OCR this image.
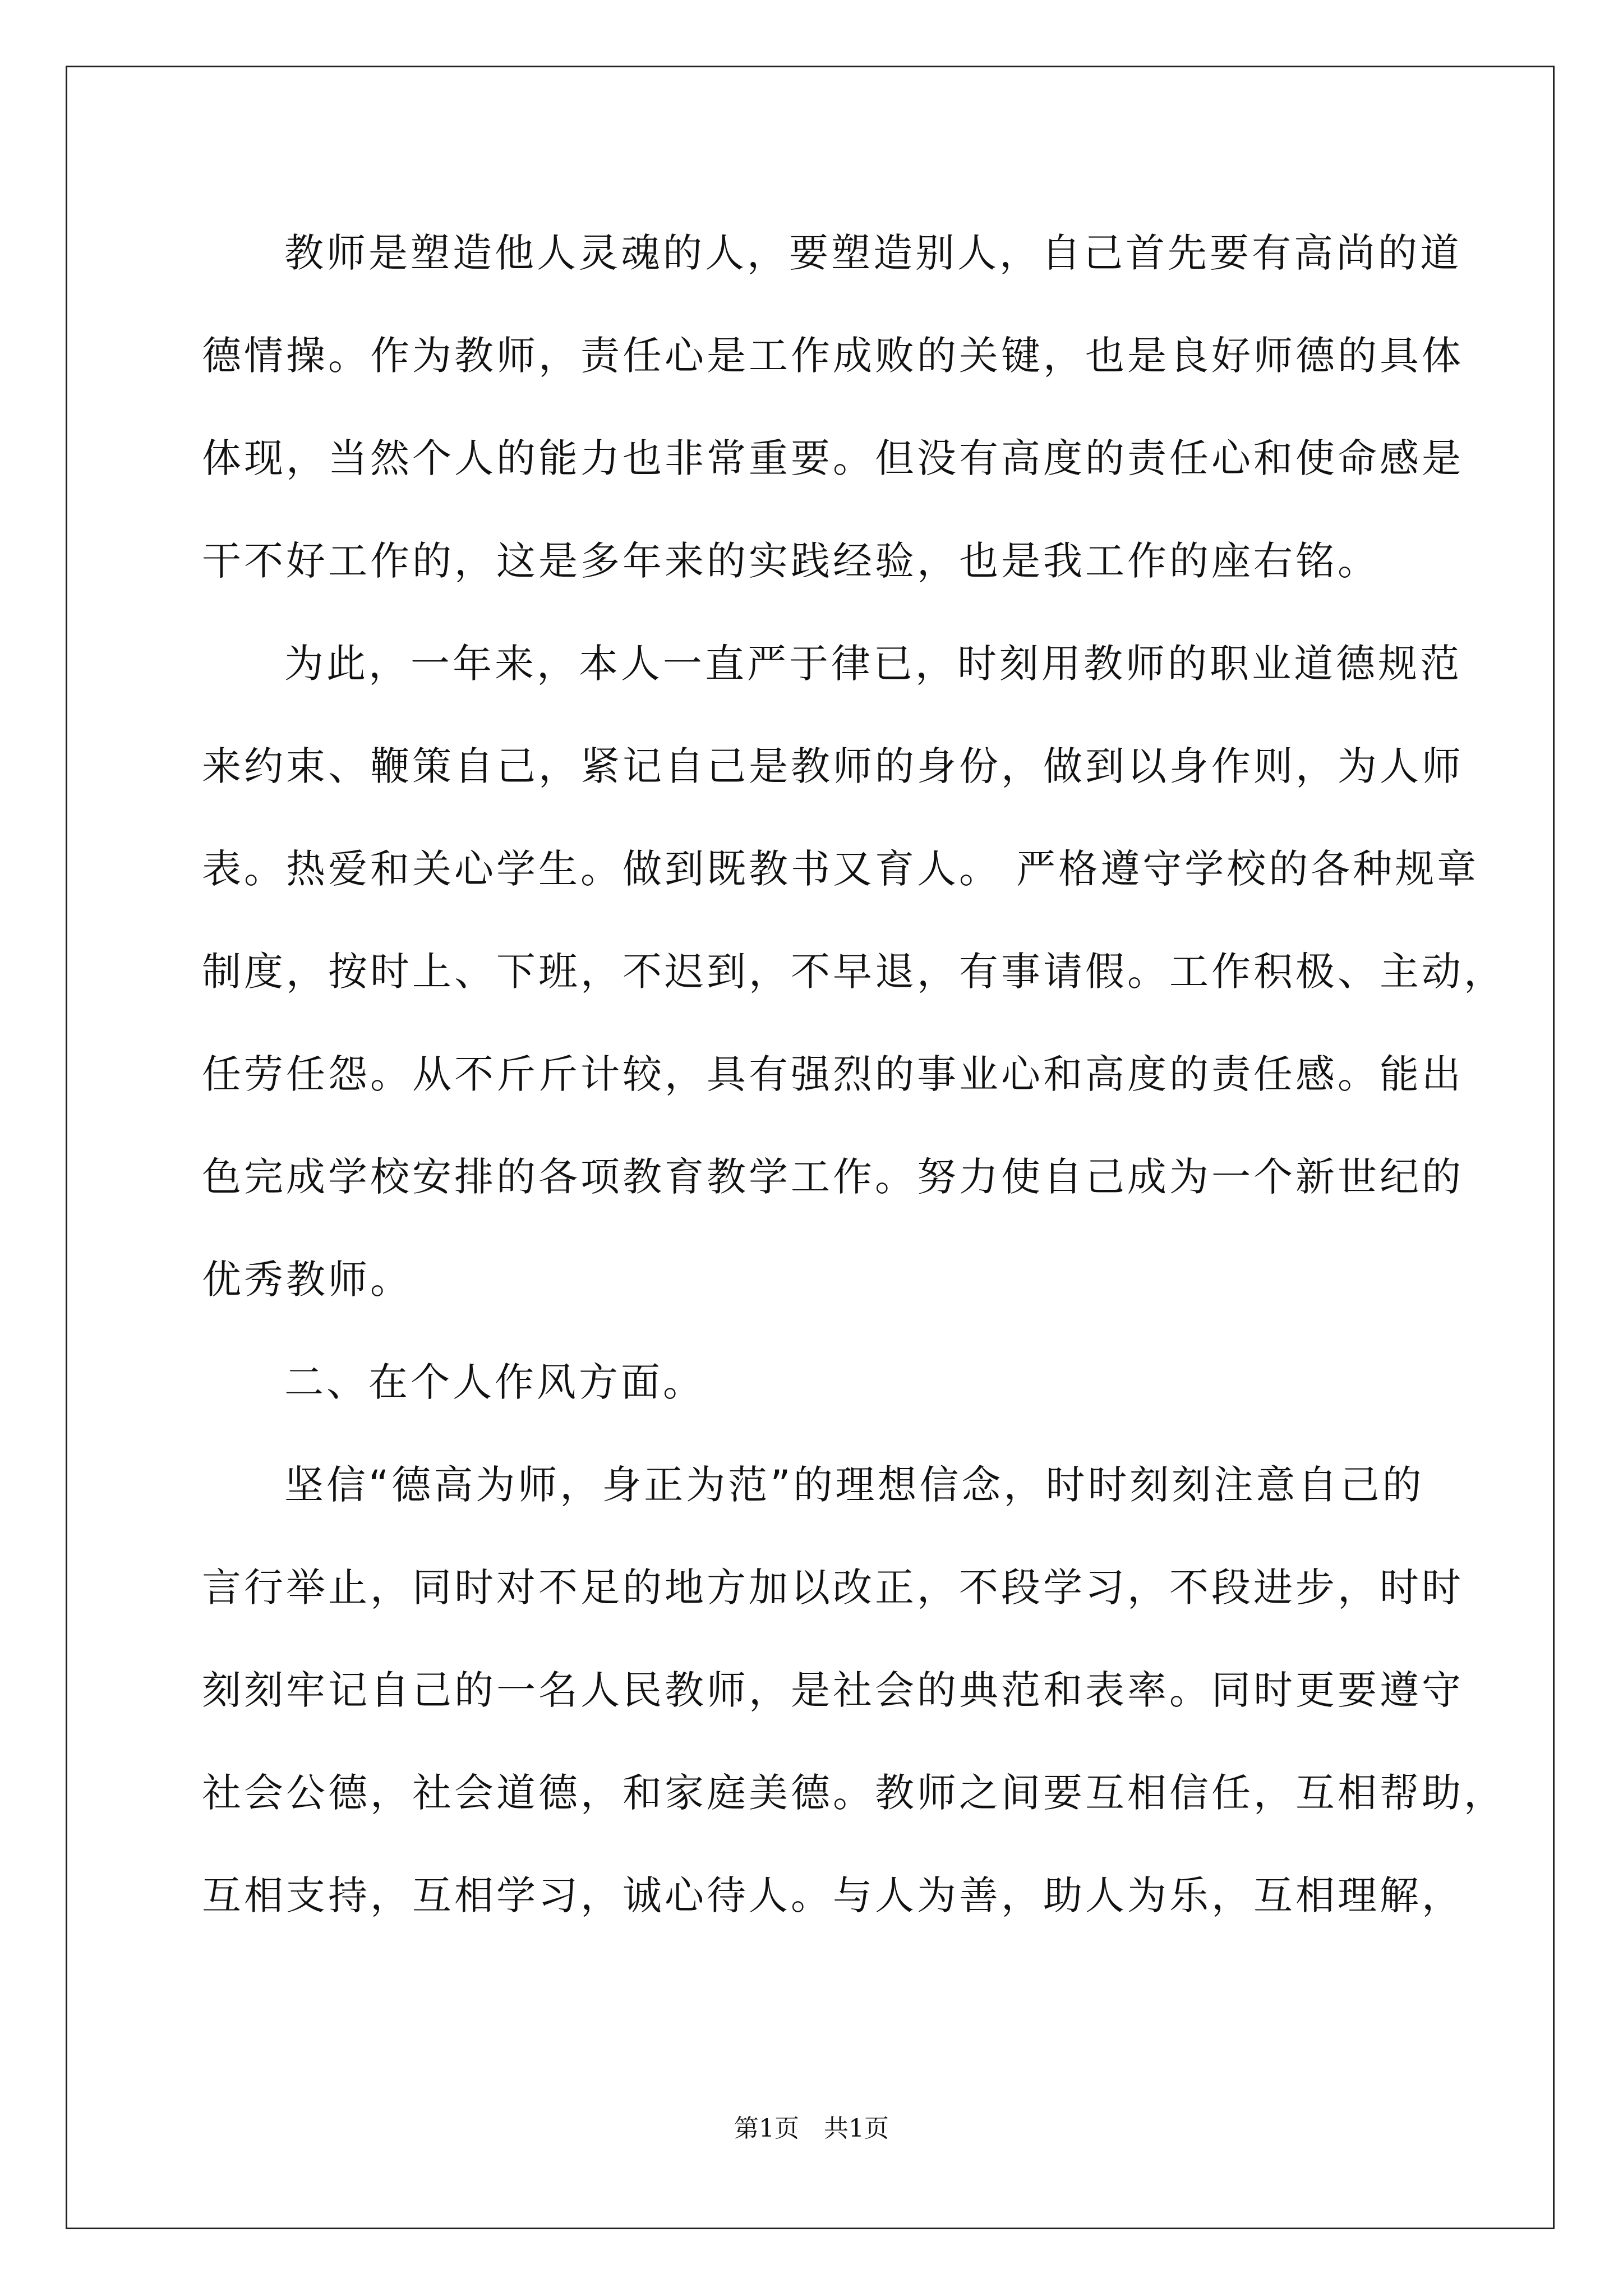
教师是塑造他人灵魂的人，要塑造别人，自己首先要有高尚的道
德情操。作为教师，责任心是工作成败的关键，也是良好师德的具体
体现，当然个人的能力也非常重要。但没有高度的责任心和使命感是
干不好工作的，这是多年来的实践经验，也是我工作的座右铭。
为此，一年来，本人一直严于律已，时刻用教师的职业道德规范
来约束、鞭策自己，紧记自己是教师的身份，做到以身作则，为人师
表。热爱和关心学生。做到既教书又育人。 严格遵守学校的各种规章
制度，按时上、下班，不迟到，不早退，有事请假。工作积极、主动，
任劳任怨。从不斤斤计较，具有强烈的事业心和高度的责任感。能出
色完成学校安排的各项教育教学工作。努力使自己成为一个新世纪的
优秀教师。
二、在个人作风方面。
坚信“德高为师，身正为范”的理想信念，时时刻刻注意自己的
言行举止，同时对不足的地方加以改正，不段学习，不段进步，时时
刻刻牢记自己的一名人民教师，是社会的典范和表率。同时更要遵守
社会公德，社会道德，和家庭美德。教师之间要互相信任，互相帮助，
互相支持，互相学习，诚心待人。与人为善，助人为乐，互相理解，
第1页　共1页
